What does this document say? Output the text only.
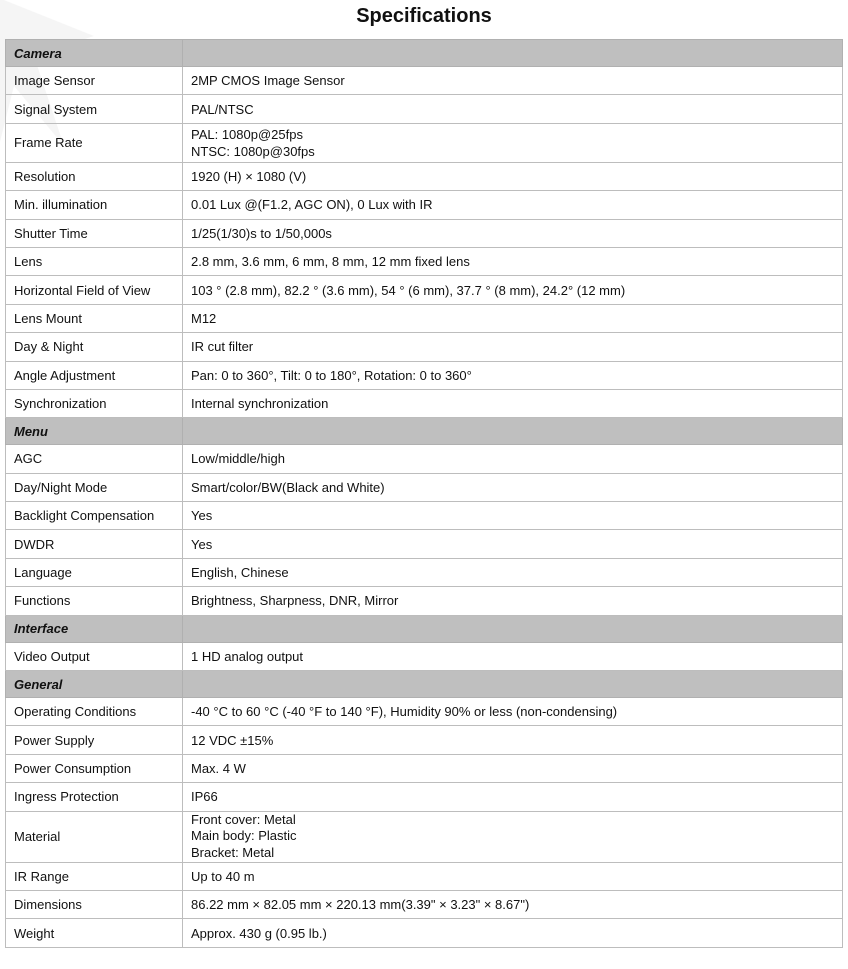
Specifications
Camera	
Image Sensor	2MP CMOS Image Sensor

Signal System	PAL/NTSC

Frame Rate	PAL: 1080p@25fps
NTSC: 1080p@30fps

Resolution	1920 (H) × 1080 (V)

Min. illumination	0.01 Lux @(F1.2, AGC ON), 0 Lux with IR

Shutter Time	1/25(1/30)s to 1/50,000s

Lens	2.8 mm, 3.6 mm, 6 mm, 8 mm, 12 mm fixed lens

Horizontal Field of View	103 ° (2.8 mm), 82.2 ° (3.6 mm), 54 ° (6 mm), 37.7 ° (8 mm), 24.2° (12 mm)

Lens Mount	M12

Day & Night	IR cut filter

Angle Adjustment	Pan: 0 to 360°, Tilt: 0 to 180°, Rotation: 0 to 360°

Synchronization	Internal synchronization

Menu	
AGC	Low/middle/high

Day/Night Mode	Smart/color/BW(Black and White)

Backlight Compensation	Yes

DWDR	Yes

Language	English, Chinese

Functions	Brightness, Sharpness, DNR, Mirror

Interface	
Video Output	1 HD analog output

General	
Operating Conditions	-40 °C to 60 °C (-40 °F to 140 °F), Humidity 90% or less (non-condensing)

Power Supply	12 VDC ±15%

Power Consumption	Max. 4 W

Ingress Protection	IP66

Material	Front cover: Metal
Main body: Plastic
Bracket: Metal

IR Range	Up to 40 m

Dimensions	86.22 mm × 82.05 mm × 220.13 mm(3.39" × 3.23" × 8.67")

Weight	Approx. 430 g (0.95 lb.)
